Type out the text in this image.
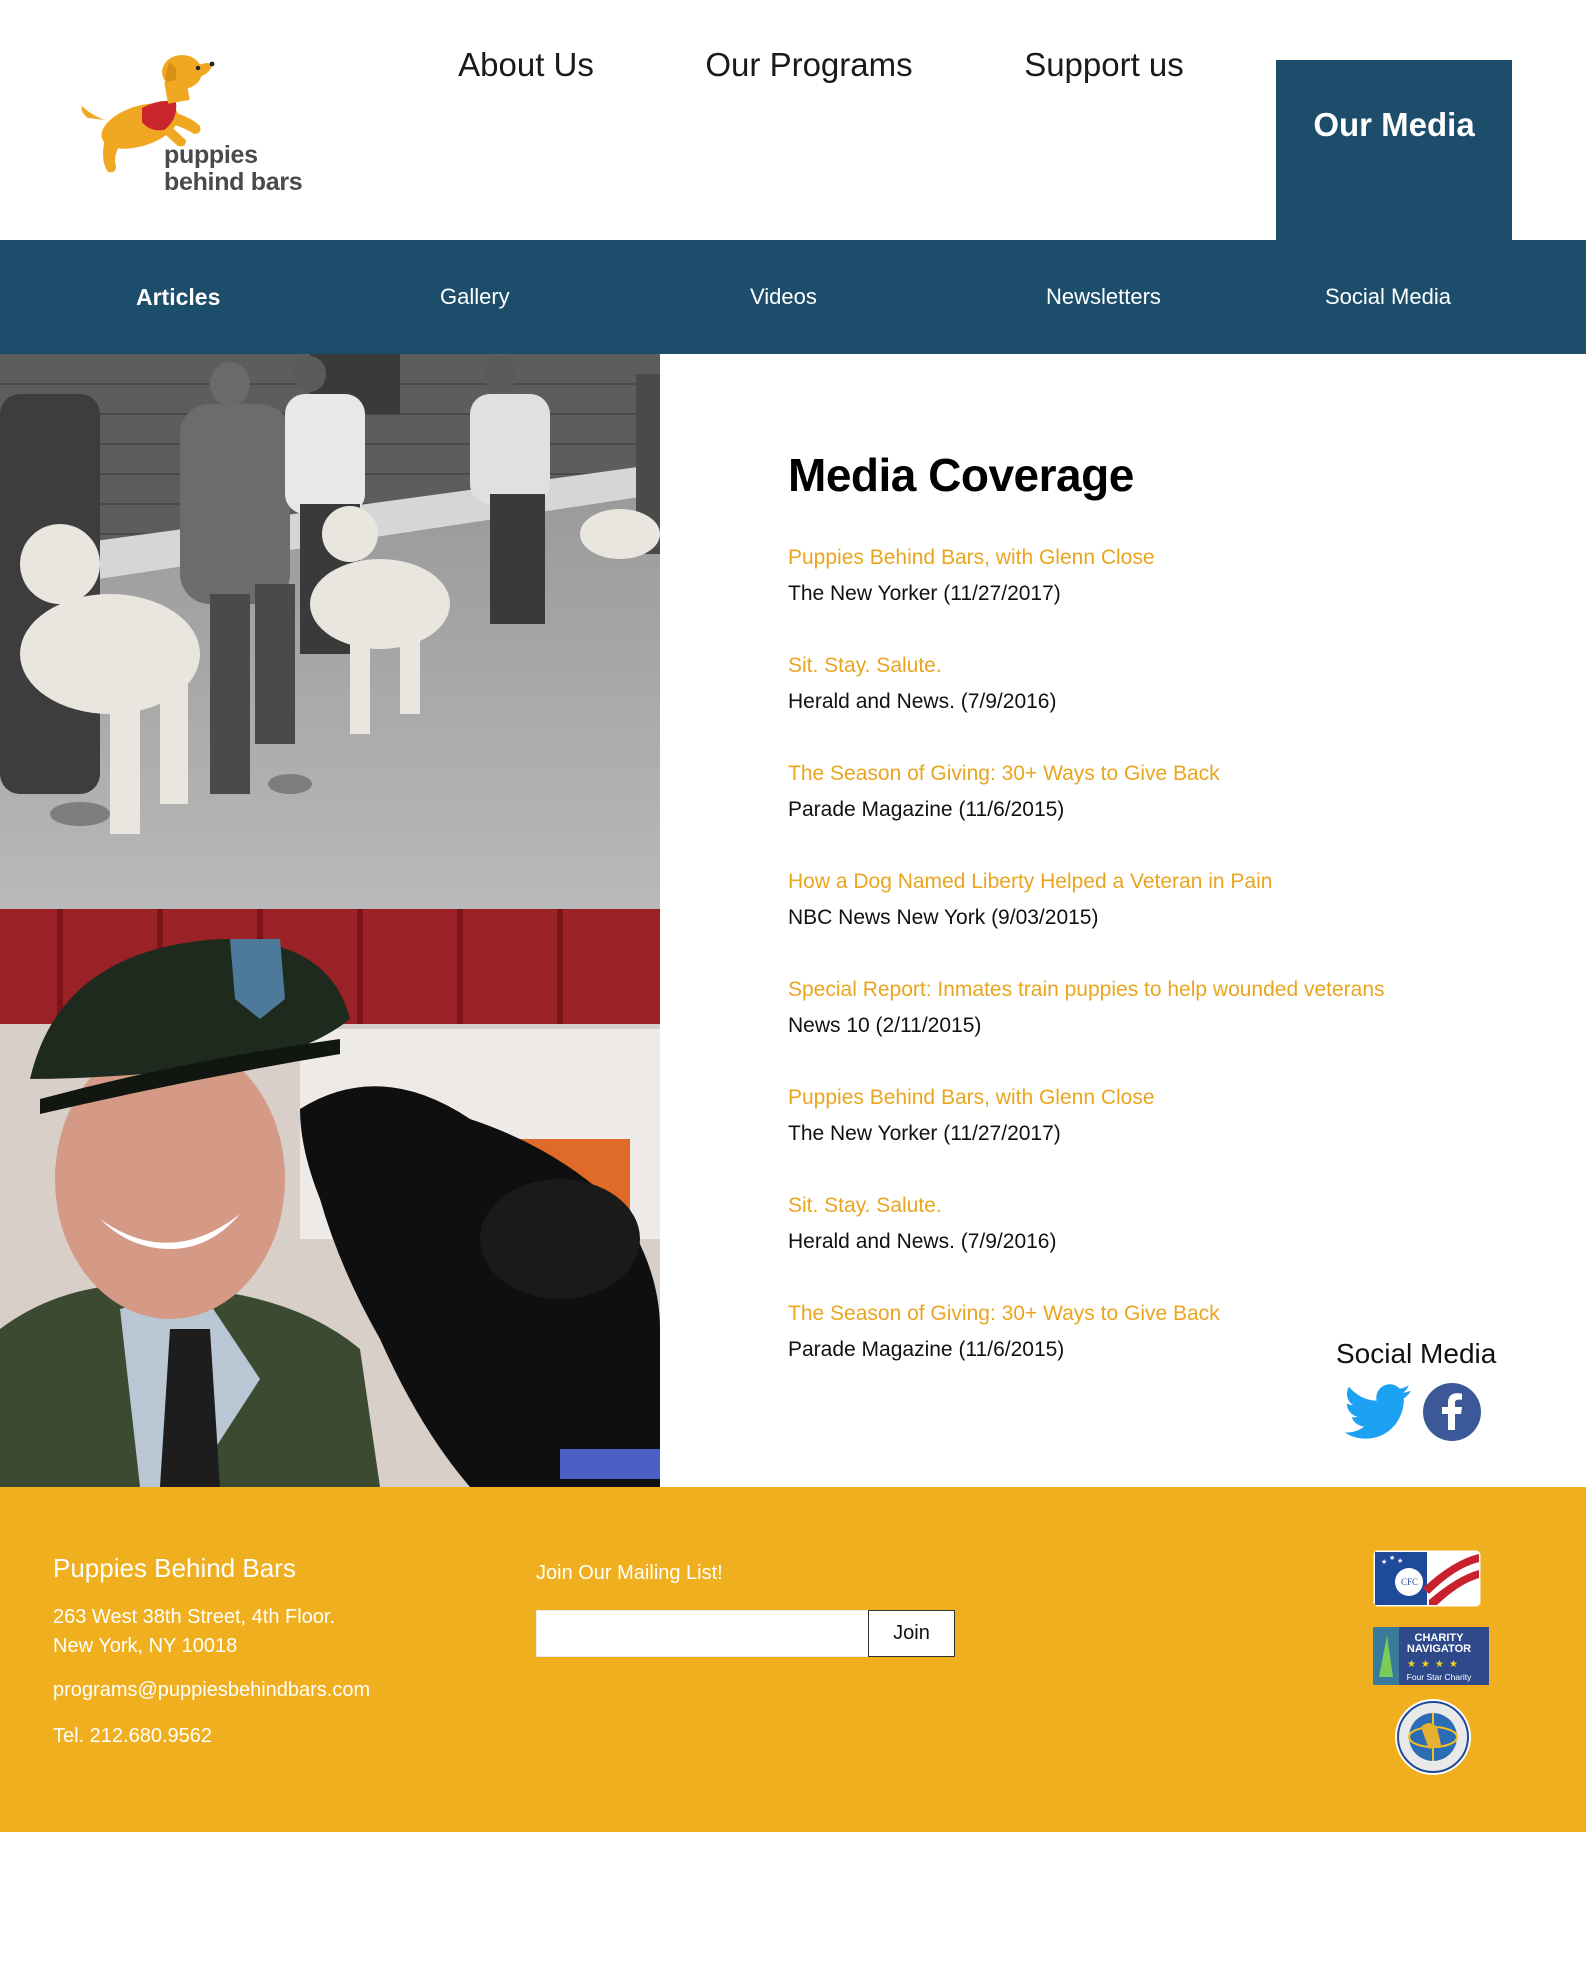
puppies
behind bars
About Us	Our Programs	Support us
Our Media
Articles	Gallery	Videos	Newsletters	Social Media
Media Coverage
Puppies Behind Bars, with Glenn Close
The New Yorker (11/27/2017)
Sit. Stay. Salute.
Herald and News. (7/9/2016)
The Season of Giving: 30+ Ways to Give Back
Parade Magazine (11/6/2015)
How a Dog Named Liberty Helped a Veteran in Pain
NBC News New York (9/03/2015)
Special Report: Inmates train puppies to help wounded veterans
News 10 (2/11/2015)
Puppies Behind Bars, with Glenn Close
The New Yorker (11/27/2017)
Sit. Stay. Salute.
Herald and News. (7/9/2016)
The Season of Giving: 30+ Ways to Give Back
Parade Magazine (11/6/2015)	Social Media
Puppies Behind Bars
263 West 38th Street, 4th Floor.
New York, NY 10018
programs@puppiesbehindbars.com
Tel. 212.680.9562
Join Our Mailing List!
Join
★
★ ★
CFC
CHARITY
NAVIGATOR
★ ★ ★ ★
Four Star Charity
